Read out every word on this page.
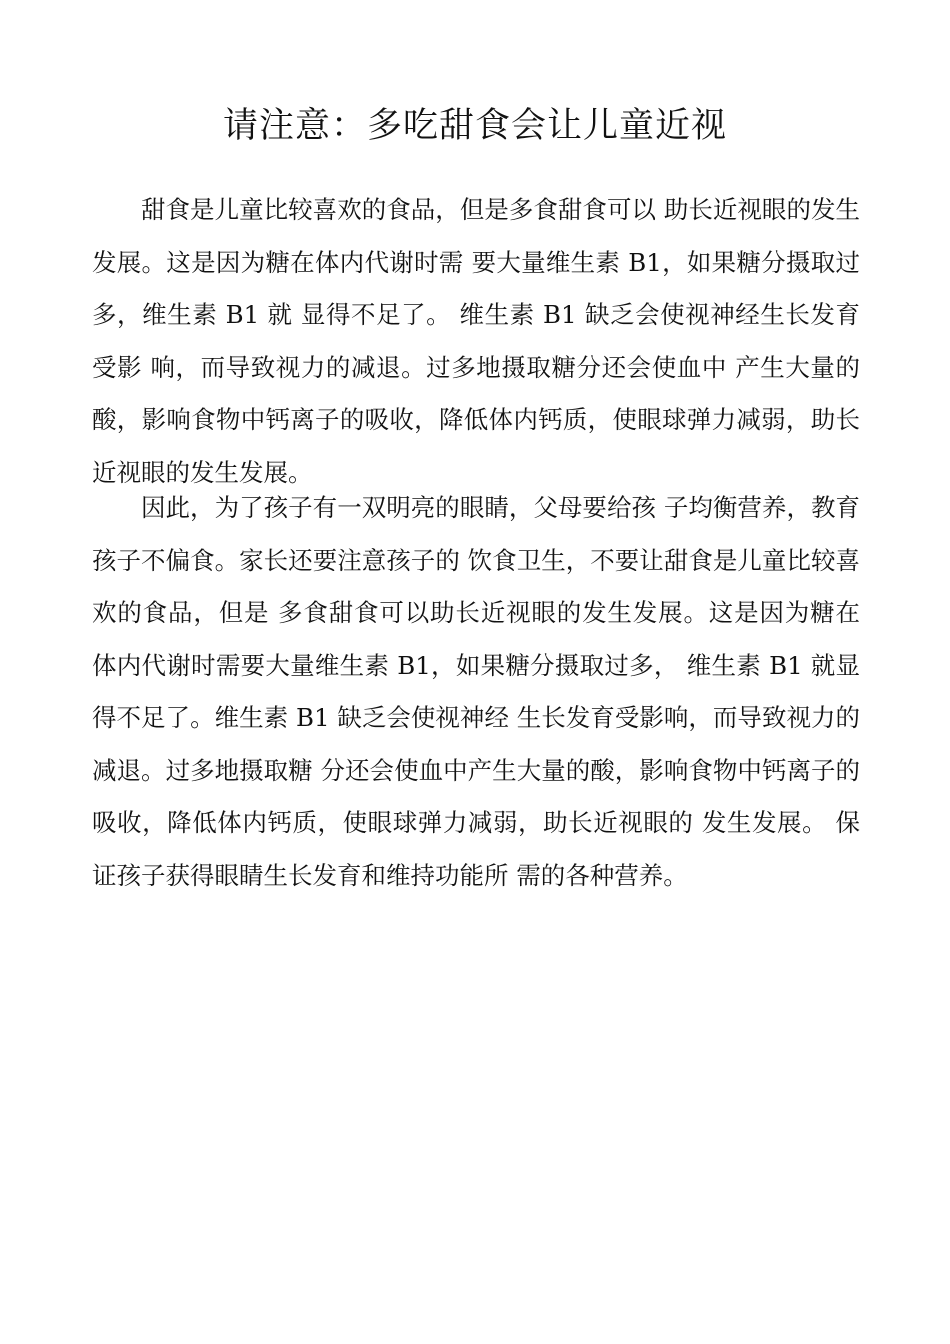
请注意：多吃甜食会让儿童近视

甜食是儿童比较喜欢的食品，但是多食甜食可以 助长近视眼的发生发展。这是因为糖在体内代谢时需 要大量维生素 B1，如果糖分摄取过多，维生素 B1 就 显得不足了。 维生素 B1 缺乏会使视神经生长发育受影 响，而导致视力的减退。过多地摄取糖分还会使血中 产生大量的酸，影响食物中钙离子的吸收，降低体内钙质，使眼球弹力减弱，助长近视眼的发生发展。

因此，为了孩子有一双明亮的眼睛，父母要给孩 子均衡营养，教育孩子不偏食。家长还要注意孩子的 饮食卫生，不要让甜食是儿童比较喜欢的食品，但是 多食甜食可以助长近视眼的发生发展。这是因为糖在 体内代谢时需要大量维生素 B1，如果糖分摄取过多， 维生素 B1 就显得不足了。维生素 B1 缺乏会使视神经 生长发育受影响，而导致视力的减退。过多地摄取糖 分还会使血中产生大量的酸，影响食物中钙离子的吸收，降低体内钙质，使眼球弹力减弱，助长近视眼的 发生发展。 保证孩子获得眼睛生长发育和维持功能所 需的各种营养。
